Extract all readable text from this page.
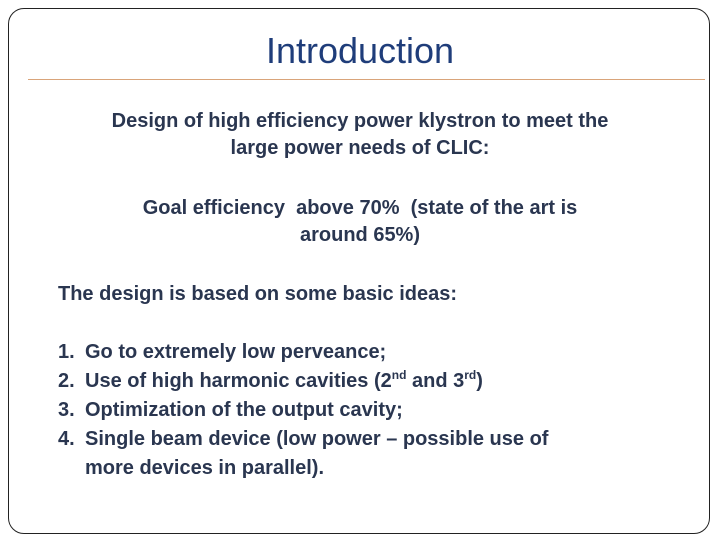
Introduction

Design of high efficiency power klystron to meet the
large power needs of CLIC:

Goal efficiency  above 70%  (state of the art is
around 65%)

The design is based on some basic ideas:

1. Go to extremely low perveance;
2. Use of high harmonic cavities (2nd and 3rd)
3. Optimization of the output cavity;
4. Single beam device (low power – possible use of
more devices in parallel).
